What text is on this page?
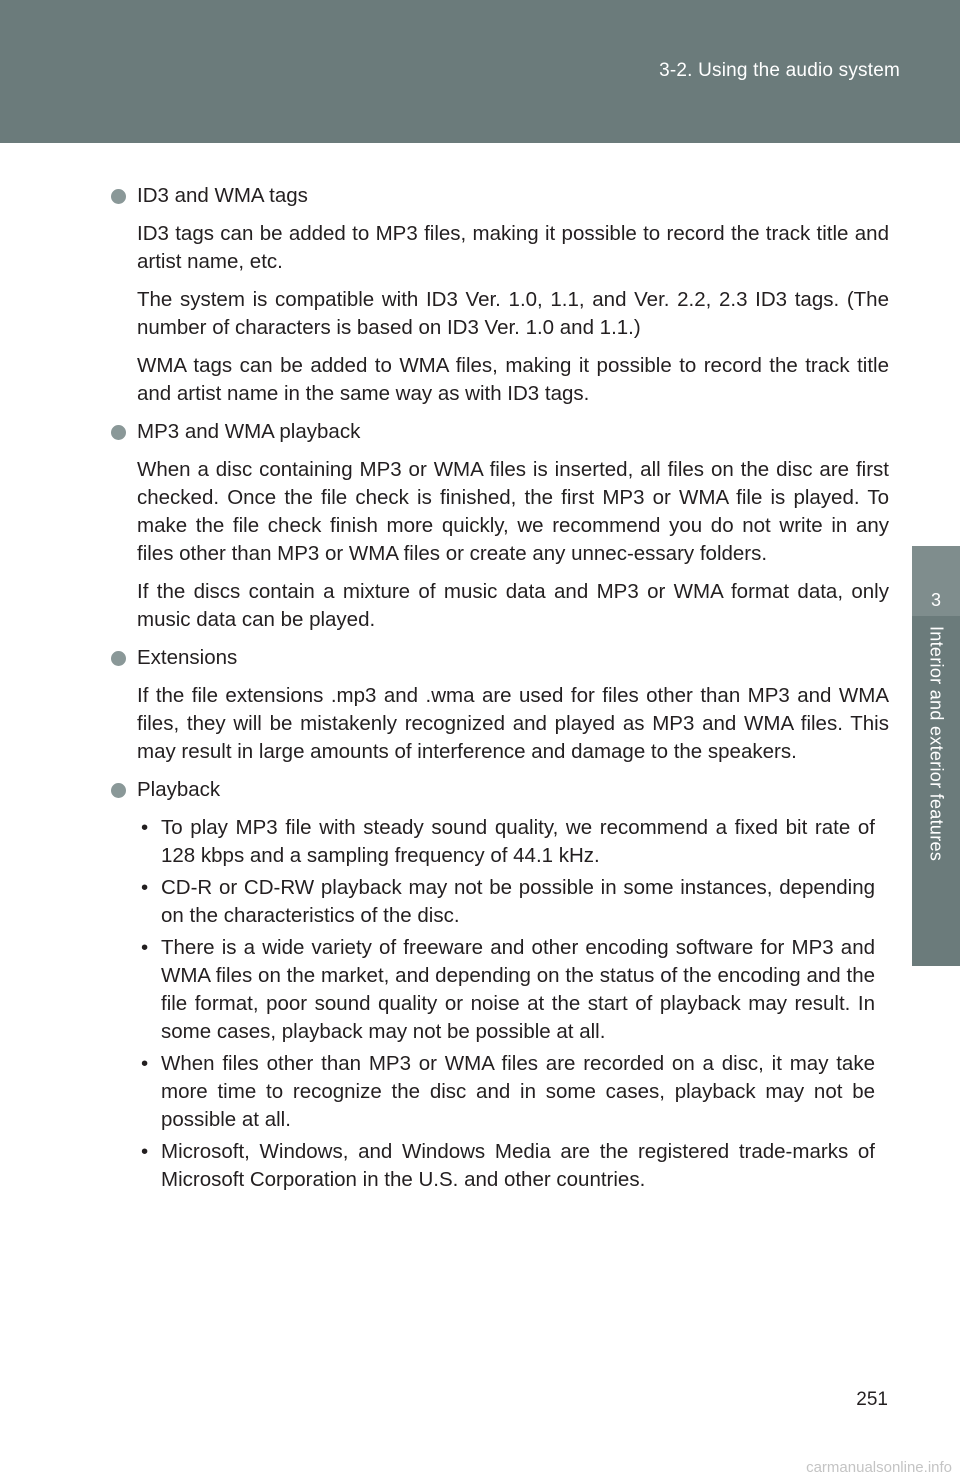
3-2. Using the audio system
3
Interior and exterior features
ID3 and WMA tags

ID3 tags can be added to MP3 files, making it possible to record the track title and artist name, etc.

The system is compatible with ID3 Ver. 1.0, 1.1, and Ver. 2.2, 2.3 ID3 tags. (The number of characters is based on ID3 Ver. 1.0 and 1.1.)

WMA tags can be added to WMA files, making it possible to record the track title and artist name in the same way as with ID3 tags.

MP3 and WMA playback

When a disc containing MP3 or WMA files is inserted, all files on the disc are first checked. Once the file check is finished, the first MP3 or WMA file is played. To make the file check finish more quickly, we recommend you do not write in any files other than MP3 or WMA files or create any unnec-essary folders.

If the discs contain a mixture of music data and MP3 or WMA format data, only music data can be played.

Extensions

If the file extensions .mp3 and .wma are used for files other than MP3 and WMA files, they will be mistakenly recognized and played as MP3 and WMA files. This may result in large amounts of interference and damage to the speakers.

Playback
• To play MP3 file with steady sound quality, we recommend a fixed bit rate of 128 kbps and a sampling frequency of 44.1 kHz.
• CD-R or CD-RW playback may not be possible in some instances, depending on the characteristics of the disc.
• There is a wide variety of freeware and other encoding software for MP3 and WMA files on the market, and depending on the status of the encoding and the file format, poor sound quality or noise at the start of playback may result. In some cases, playback may not be possible at all.
• When files other than MP3 or WMA files are recorded on a disc, it may take more time to recognize the disc and in some cases, playback may not be possible at all.
• Microsoft, Windows, and Windows Media are the registered trade-marks of Microsoft Corporation in the U.S. and other countries.
251
carmanualsonline.info
